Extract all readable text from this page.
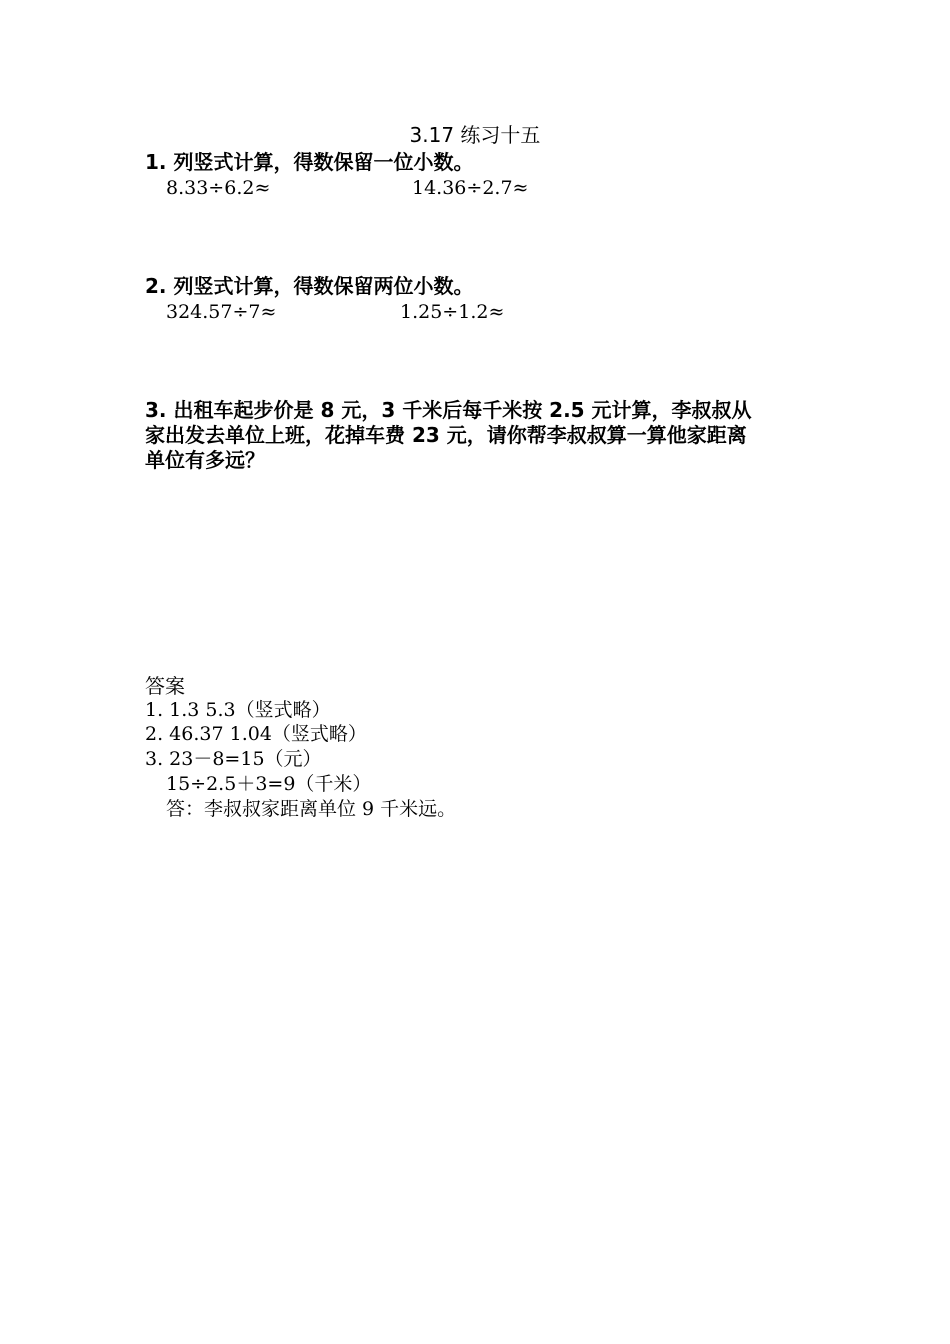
3.17 练习十五
1. 列竖式计算，得数保留一位小数。
8.33÷6.2≈	14.36÷2.7≈
2. 列竖式计算，得数保留两位小数。
324.57÷7≈	1.25÷1.2≈
3. 出租车起步价是 8 元，3 千米后每千米按 2.5 元计算，李叔叔从
家出发去单位上班，花掉车费 23 元，请你帮李叔叔算一算他家距离
单位有多远？
答案
1. 1.3 5.3（竖式略）
2. 46.37 1.04（竖式略）
3. 23－8=15（元）
15÷2.5＋3=9（千米）
答：李叔叔家距离单位 9 千米远。
